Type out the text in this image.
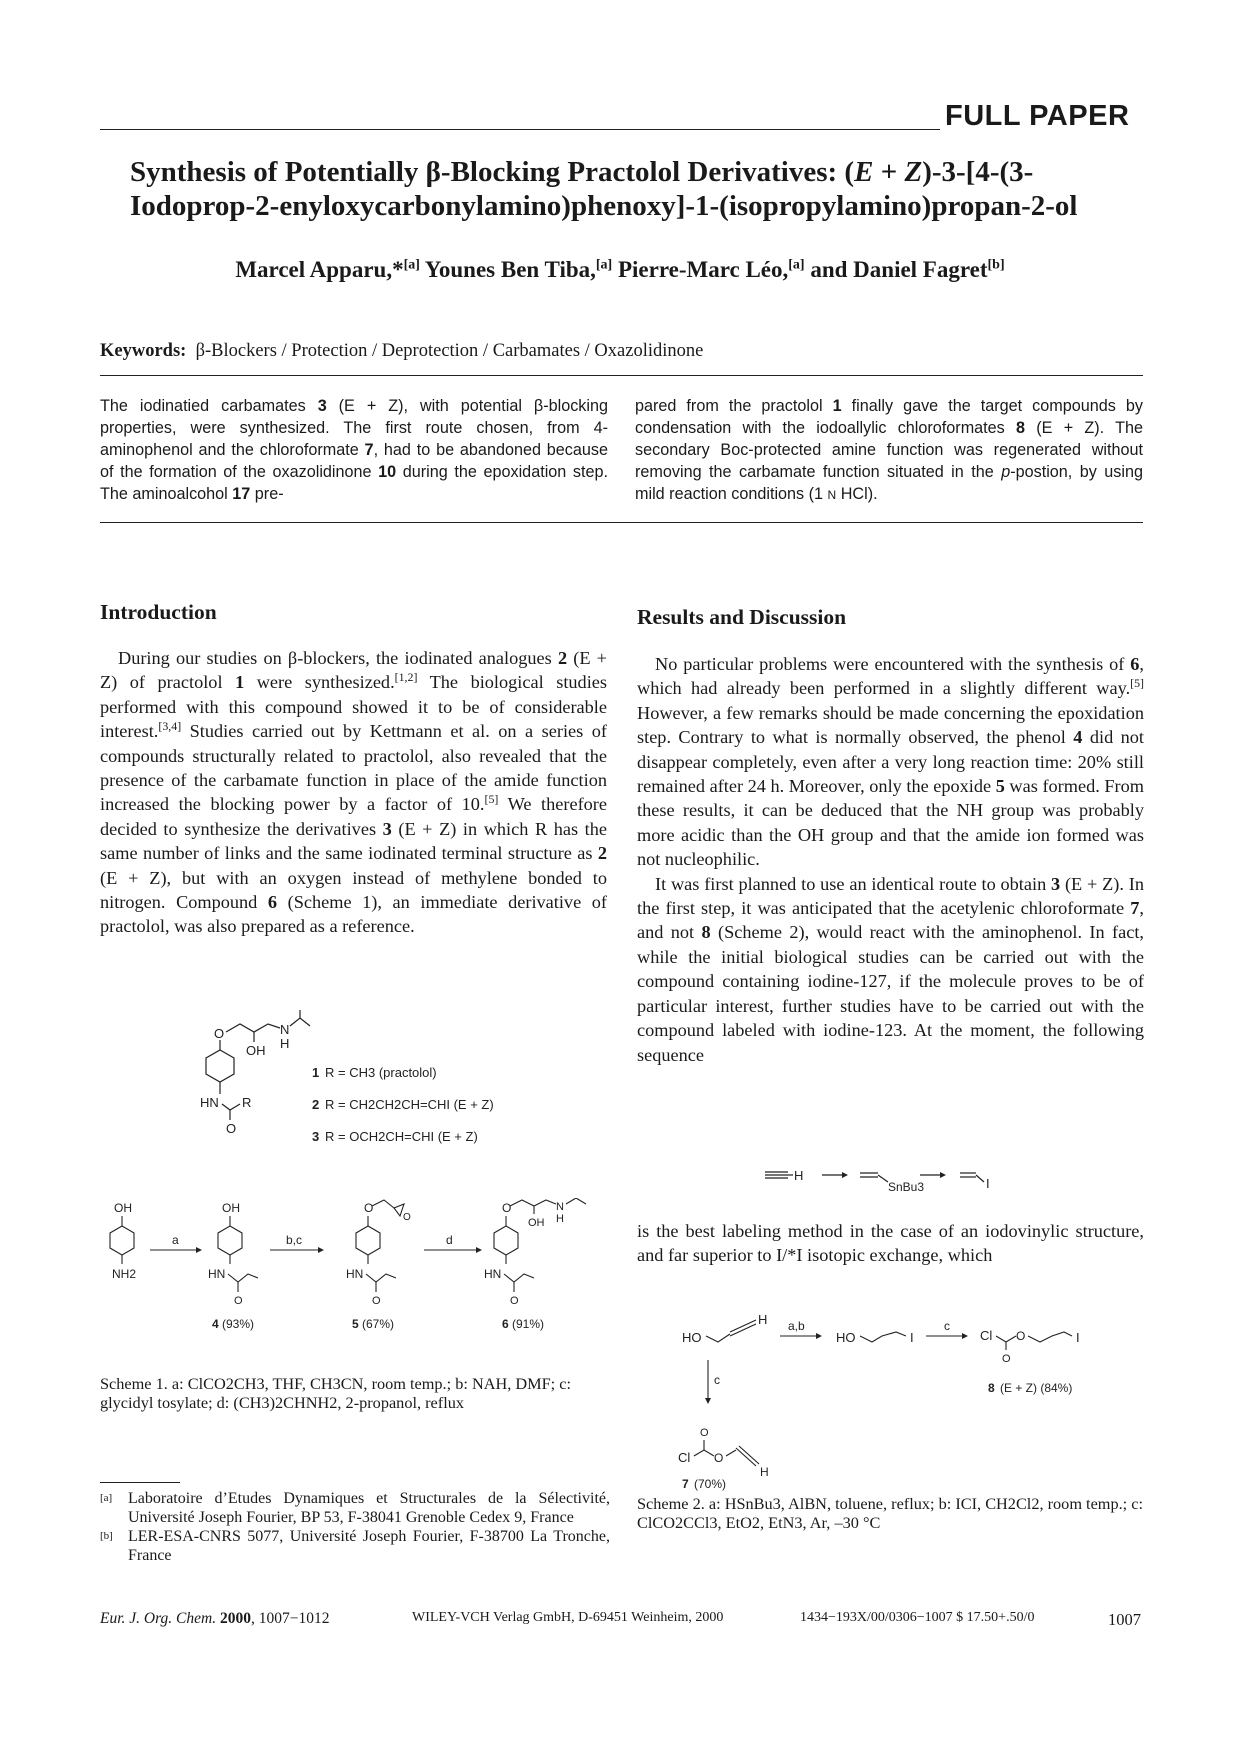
FULL PAPER
Synthesis of Potentially β-Blocking Practolol Derivatives: (E + Z)-3-[4-(3-
Iodoprop-2-enyloxycarbonylamino)phenoxy]-1-(isopropylamino)propan-2-ol
Marcel Apparu,*[a] Younes Ben Tiba,[a] Pierre-Marc Léo,[a] and Daniel Fagret[b]
Keywords: β-Blockers / Protection / Deprotection / Carbamates / Oxazolidinone
The iodinatied carbamates 3 (E + Z), with potential β-blocking properties, were synthesized. The first route chosen, from 4-aminophenol and the chloroformate 7, had to be abandoned because of the formation of the oxazolidinone 10 during the epoxidation step. The aminoalcohol 17 pre-
pared from the practolol 1 finally gave the target compounds by condensation with the iodoallylic chloroformates 8 (E + Z). The secondary Boc-protected amine function was regenerated without removing the carbamate function situated in the p-postion, by using mild reaction conditions (1 N HCl).
Introduction

During our studies on β-blockers, the iodinated analogues 2 (E + Z) of practolol 1 were synthesized.[1,2] The biological studies performed with this compound showed it to be of considerable interest.[3,4] Studies carried out by Kettmann et al. on a series of compounds structurally related to practolol, also revealed that the presence of the carbamate function in place of the amide function increased the blocking power by a factor of 10.[5] We therefore decided to synthesize the derivatives 3 (E + Z) in which R has the same number of links and the same iodinated terminal structure as 2 (E + Z), but with an oxygen instead of methylene bonded to nitrogen. Compound 6 (Scheme 1), an immediate derivative of practolol, was also prepared as a reference.

Results and Discussion

No particular problems were encountered with the synthesis of 6, which had already been performed in a slightly different way.[5] However, a few remarks should be made concerning the epoxidation step. Contrary to what is normally observed, the phenol 4 did not disappear completely, even after a very long reaction time: 20% still remained after 24 h. Moreover, only the epoxide 5 was formed. From these results, it can be deduced that the NH group was probably more acidic than the OH group and that the amide ion formed was not nucleophilic.

It was first planned to use an identical route to obtain 3 (E + Z). In the first step, it was anticipated that the acetylenic chloroformate 7, and not 8 (Scheme 2), would react with the aminophenol. In fact, while the initial biological studies can be carried out with the compound containing iodine-127, if the molecule proves to be of particular interest, further studies have to be carried out with the compound labeled with iodine-123. At the moment, the following sequence

H
SnBu3	I

is the best labeling method in the case of an iodovinylic structure, and far superior to I/*I isotopic exchange, which

O
OH
N
H
HN
O
R
1 R = CH3 (practolol)
2 R = CH2CH2CH=CHI (E + Z)
3 R = OCH2CH=CHI (E + Z)
OH
NH2
a
OH
HN
O
4 (93%)
b,c
O
O
HN
O
5 (67%)
d
O
OH
N
H
HN
O
6 (91%)
Scheme 1. a: ClCO2CH3, THF, CH3CN, room temp.; b: NAH, DMF; c: glycidyl tosylate; d: (CH3)2CHNH2, 2-propanol, reflux
HO
H a,b
HO	I
c
Cl
O
O	I
8 (E + Z) (84%)
c
Cl
O
O
H
7 (70%)
Scheme 2. a: HSnBu3, AlBN, toluene, reflux; b: ICI, CH2Cl2, room temp.; c: ClCO2CCl3, EtO2, EtN3, Ar, –30 °C
[a] Laboratoire d’Etudes Dynamiques et Structurales de la Sélectivité, Université Joseph Fourier, BP 53, F-38041 Grenoble Cedex 9, France
[b] LER-ESA-CNRS 5077, Université Joseph Fourier, F-38700 La Tronche, France
Eur. J. Org. Chem. 2000, 1007−1012	WILEY-VCH Verlag GmbH, D-69451 Weinheim, 2000	1434−193X/00/0306−1007 $ 17.50+.50/0	1007
